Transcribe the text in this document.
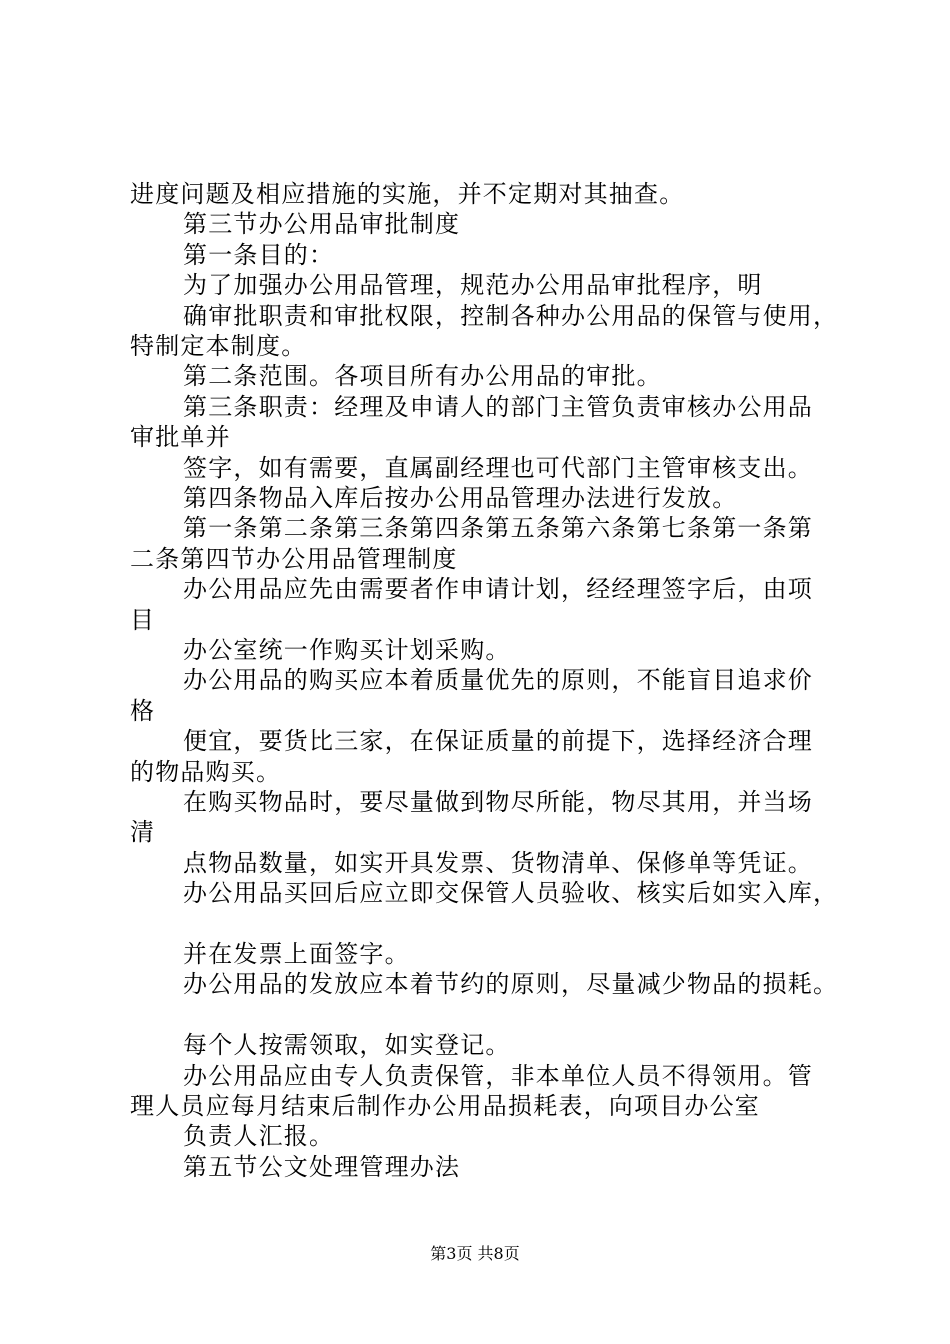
进度问题及相应措施的实施，并不定期对其抽查。
第三节办公用品审批制度
第一条目的：
为了加强办公用品管理，规范办公用品审批程序，明
确审批职责和审批权限，控制各种办公用品的保管与使用，
特制定本制度。
第二条范围。各项目所有办公用品的审批。
第三条职责：经理及申请人的部门主管负责审核办公用品
审批单并
签字，如有需要，直属副经理也可代部门主管审核支出。
第四条物品入库后按办公用品管理办法进行发放。
第一条第二条第三条第四条第五条第六条第七条第一条第
二条第四节办公用品管理制度
办公用品应先由需要者作申请计划，经经理签字后，由项
目
办公室统一作购买计划采购。
办公用品的购买应本着质量优先的原则，不能盲目追求价
格
便宜，要货比三家，在保证质量的前提下，选择经济合理
的物品购买。
在购买物品时，要尽量做到物尽所能，物尽其用，并当场
清
点物品数量，如实开具发票、货物清单、保修单等凭证。
办公用品买回后应立即交保管人员验收、核实后如实入库，
并在发票上面签字。
办公用品的发放应本着节约的原则，尽量减少物品的损耗。
每个人按需领取，如实登记。
办公用品应由专人负责保管，非本单位人员不得领用。管
理人员应每月结束后制作办公用品损耗表，向项目办公室
负责人汇报。
第五节公文处理管理办法
第3页 共8页
